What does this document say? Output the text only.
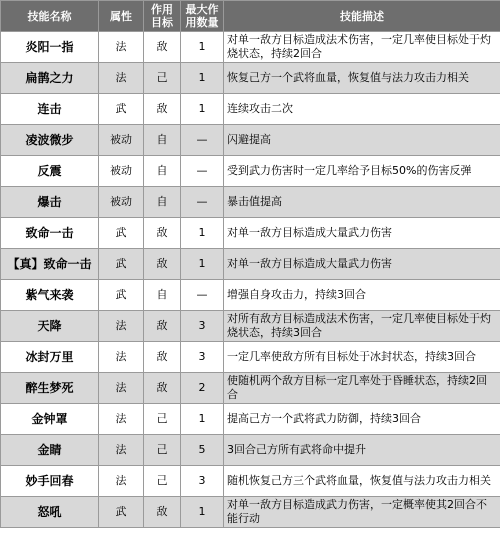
技能名称	属性	作用目标	最大作用数量	技能描述
炎阳一指	法	敌	1	对单一敌方目标造成法术伤害，一定几率使目标处于灼烧状态，持续2回合
扁鹊之力	法	己	1	恢复己方一个武将血量，恢复值与法力攻击力相关
连击	武	敌	1	连续攻击二次
凌波微步	被动	自	—	闪避提高
反震	被动	自	—	受到武力伤害时一定几率给予目标50%的伤害反弹
爆击	被动	自	—	暴击值提高
致命一击	武	敌	1	对单一敌方目标造成大量武力伤害
【真】致命一击	武	敌	1	对单一敌方目标造成大量武力伤害
紫气来袭	武	自	—	增强自身攻击力，持续3回合
天降	法	敌	3	对所有敌方目标造成法术伤害，一定几率使目标处于灼烧状态，持续3回合
冰封万里	法	敌	3	一定几率使敌方所有目标处于冰封状态，持续3回合
醉生梦死	法	敌	2	使随机两个敌方目标一定几率处于昏睡状态，持续2回合
金钟罩	法	己	1	提高己方一个武将武力防御，持续3回合
金睛	法	己	5	3回合己方所有武将命中提升
妙手回春	法	己	3	随机恢复己方三个武将血量，恢复值与法力攻击力相关
怒吼	武	敌	1	对单一敌方目标造成武力伤害，一定概率使其2回合不能行动
